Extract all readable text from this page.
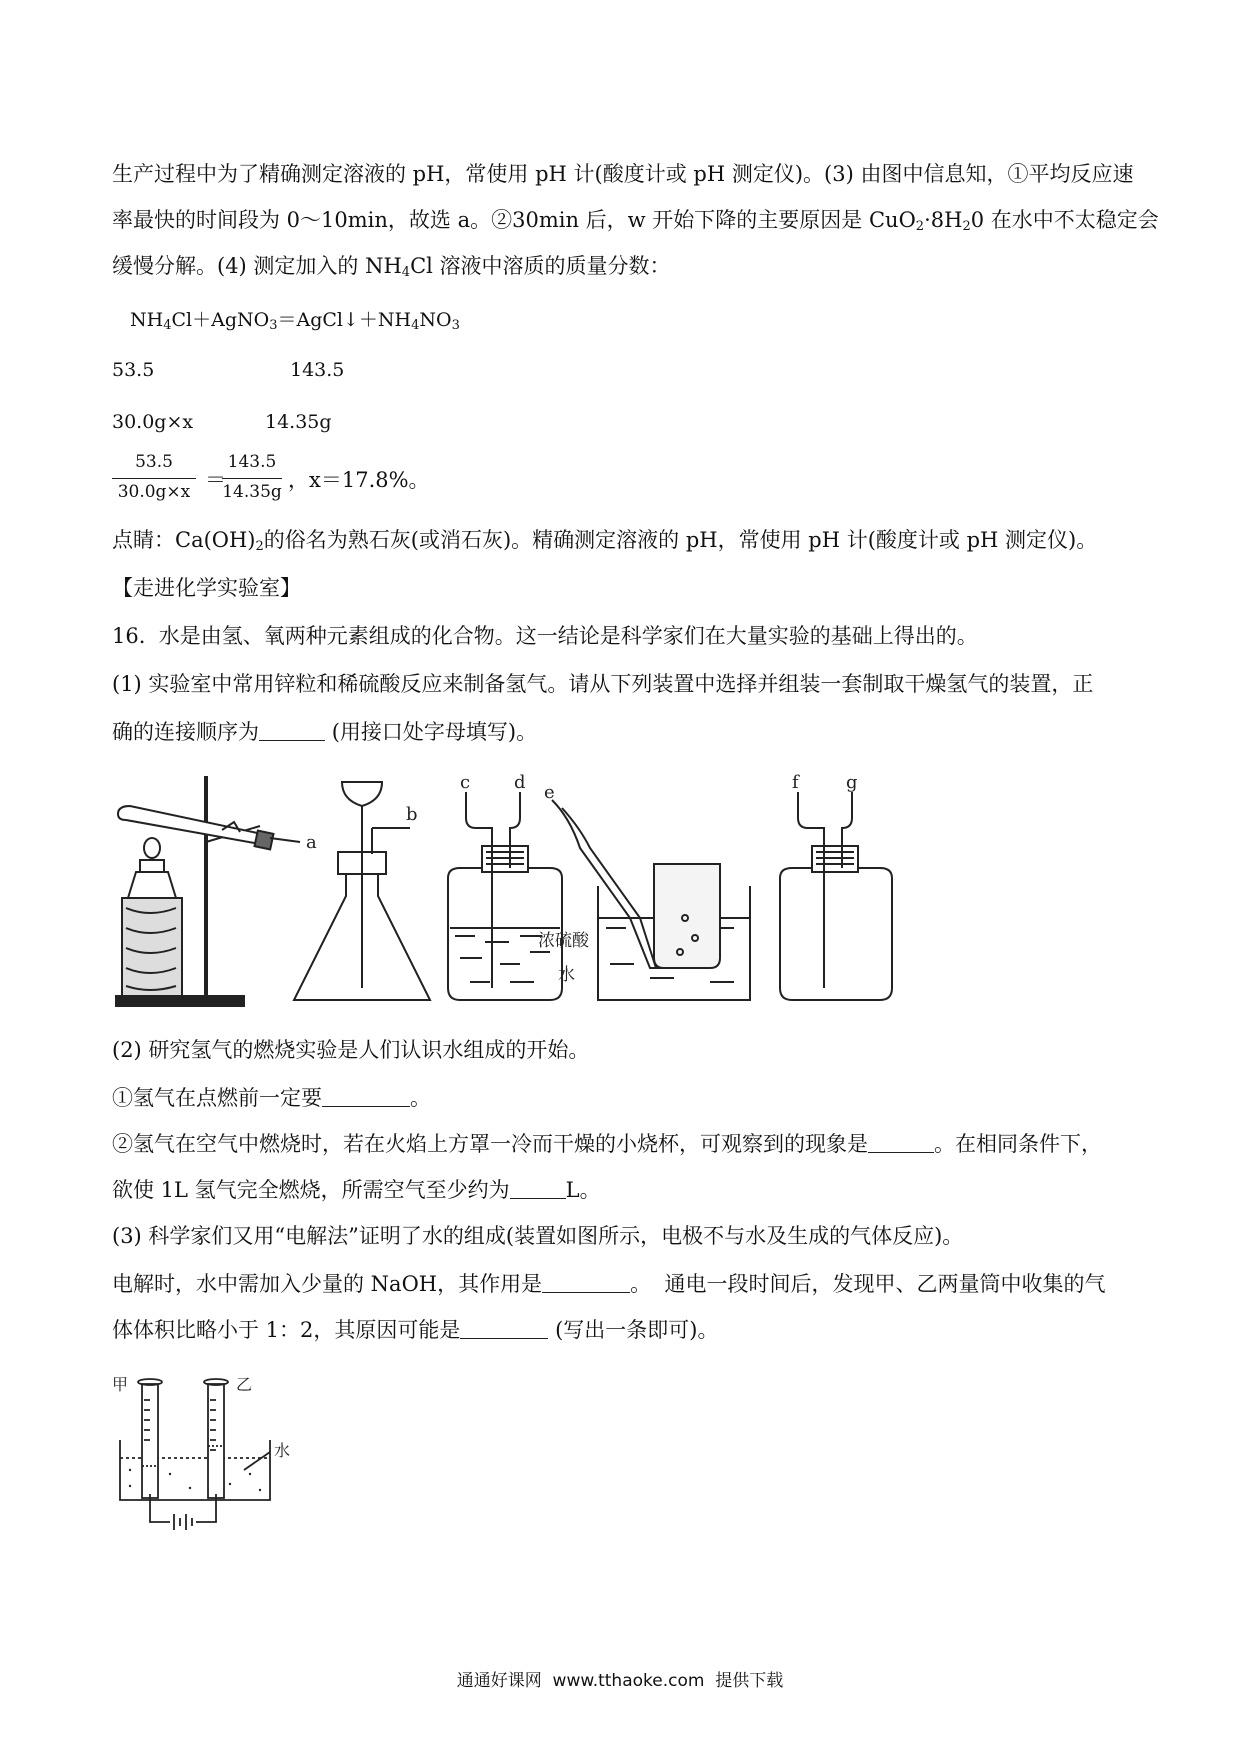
生产过程中为了精确测定溶液的 pH，常使用 pH 计(酸度计或 pH 测定仪)。(3) 由图中信息知，①平均反应速
率最快的时间段为 0～10min，故选 a。②30min 后，w 开始下降的主要原因是 $CuO_2\cdot 8H_20$ 在水中不太稳定会
缓慢分解。(4) 测定加入的 $NH_4Cl$ 溶液中溶质的质量分数：
$NH_4Cl+AgNO_3=AgCl↓+NH_4NO_3$
53.5	143.5
30.0g×x	14.35g
53.5
30.0g×x ＝
143.5
14.35g ，x＝17.8%。
点睛：$Ca(OH)_2$的俗名为熟石灰(或消石灰)。精确测定溶液的 pH，常使用 pH 计(酸度计或 pH 测定仪)。
【走进化学实验室】
16.  水是由氢、氧两种元素组成的化合物。这一结论是科学家们在大量实验的基础上得出的。
(1) 实验室中常用锌粒和稀硫酸反应来制备氢气。请从下列装置中选择并组装一套制取干燥氢气的装置，正
确的连接顺序为	(用接口处字母填写)。
a
b
c d e	f	g
浓硫酸
水
(2) 研究氢气的燃烧实验是人们认识水组成的开始。
①氢气在点燃前一定要	。
②氢气在空气中燃烧时，若在火焰上方罩一冷而干燥的小烧杯，可观察到的现象是	。在相同条件下，
欲使 1L 氢气完全燃烧，所需空气至少约为	L。
(3) 科学家们又用“电解法”证明了水的组成(装置如图所示，电极不与水及生成的气体反应)。
电解时，水中需加入少量的 NaOH，其作用是	。  通电一段时间后，发现甲、乙两量筒中收集的气
体体积比略小于 1：2，其原因可能是	(写出一条即可)。
甲	乙
水
通通好课网  www.tthaoke.com  提供下载
